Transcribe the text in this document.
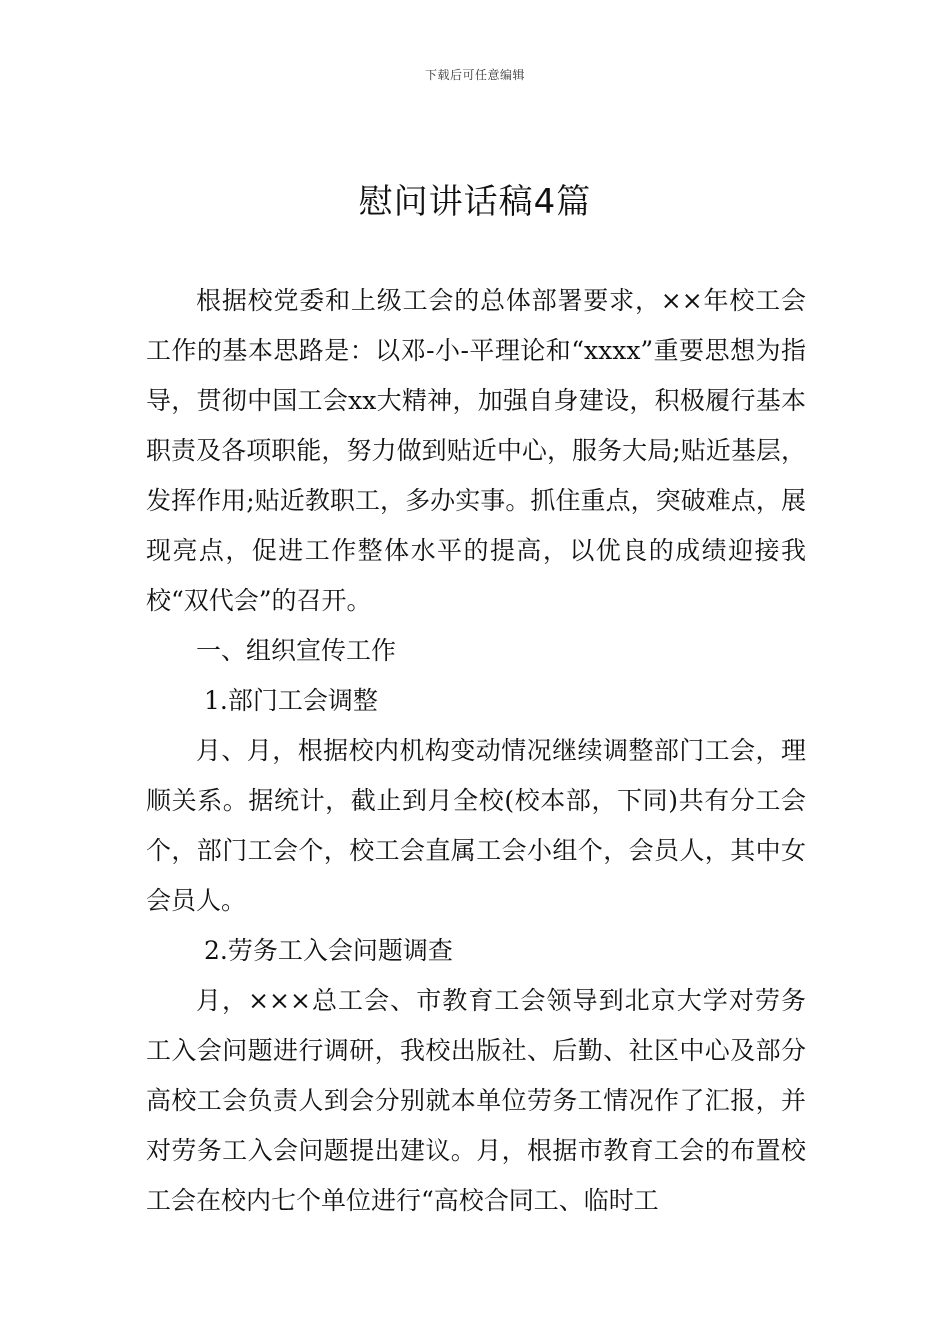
下载后可任意编辑
慰问讲话稿4篇

根据校党委和上级工会的总体部署要求，××年校工会工作的基本思路是：以邓-小-平理论和“xxxx”重要思想为指导，贯彻中国工会xx大精神，加强自身建设，积极履行基本职责及各项职能，努力做到贴近中心，服务大局;贴近基层，发挥作用;贴近教职工，多办实事。抓住重点，突破难点，展现亮点，促进工作整体水平的提高，以优良的成绩迎接我校“双代会”的召开。

一、组织宣传工作

1.部门工会调整

月、月，根据校内机构变动情况继续调整部门工会，理顺关系。据统计，截止到月全校(校本部，下同)共有分工会个，部门工会个，校工会直属工会小组个，会员人，其中女会员人。

2.劳务工入会问题调查

月，×××总工会、市教育工会领导到北京大学对劳务工入会问题进行调研，我校出版社、后勤、社区中心及部分高校工会负责人到会分别就本单位劳务工情况作了汇报，并对劳务工入会问题提出建议。月，根据市教育工会的布置校工会在校内七个单位进行“高校合同工、临时工
